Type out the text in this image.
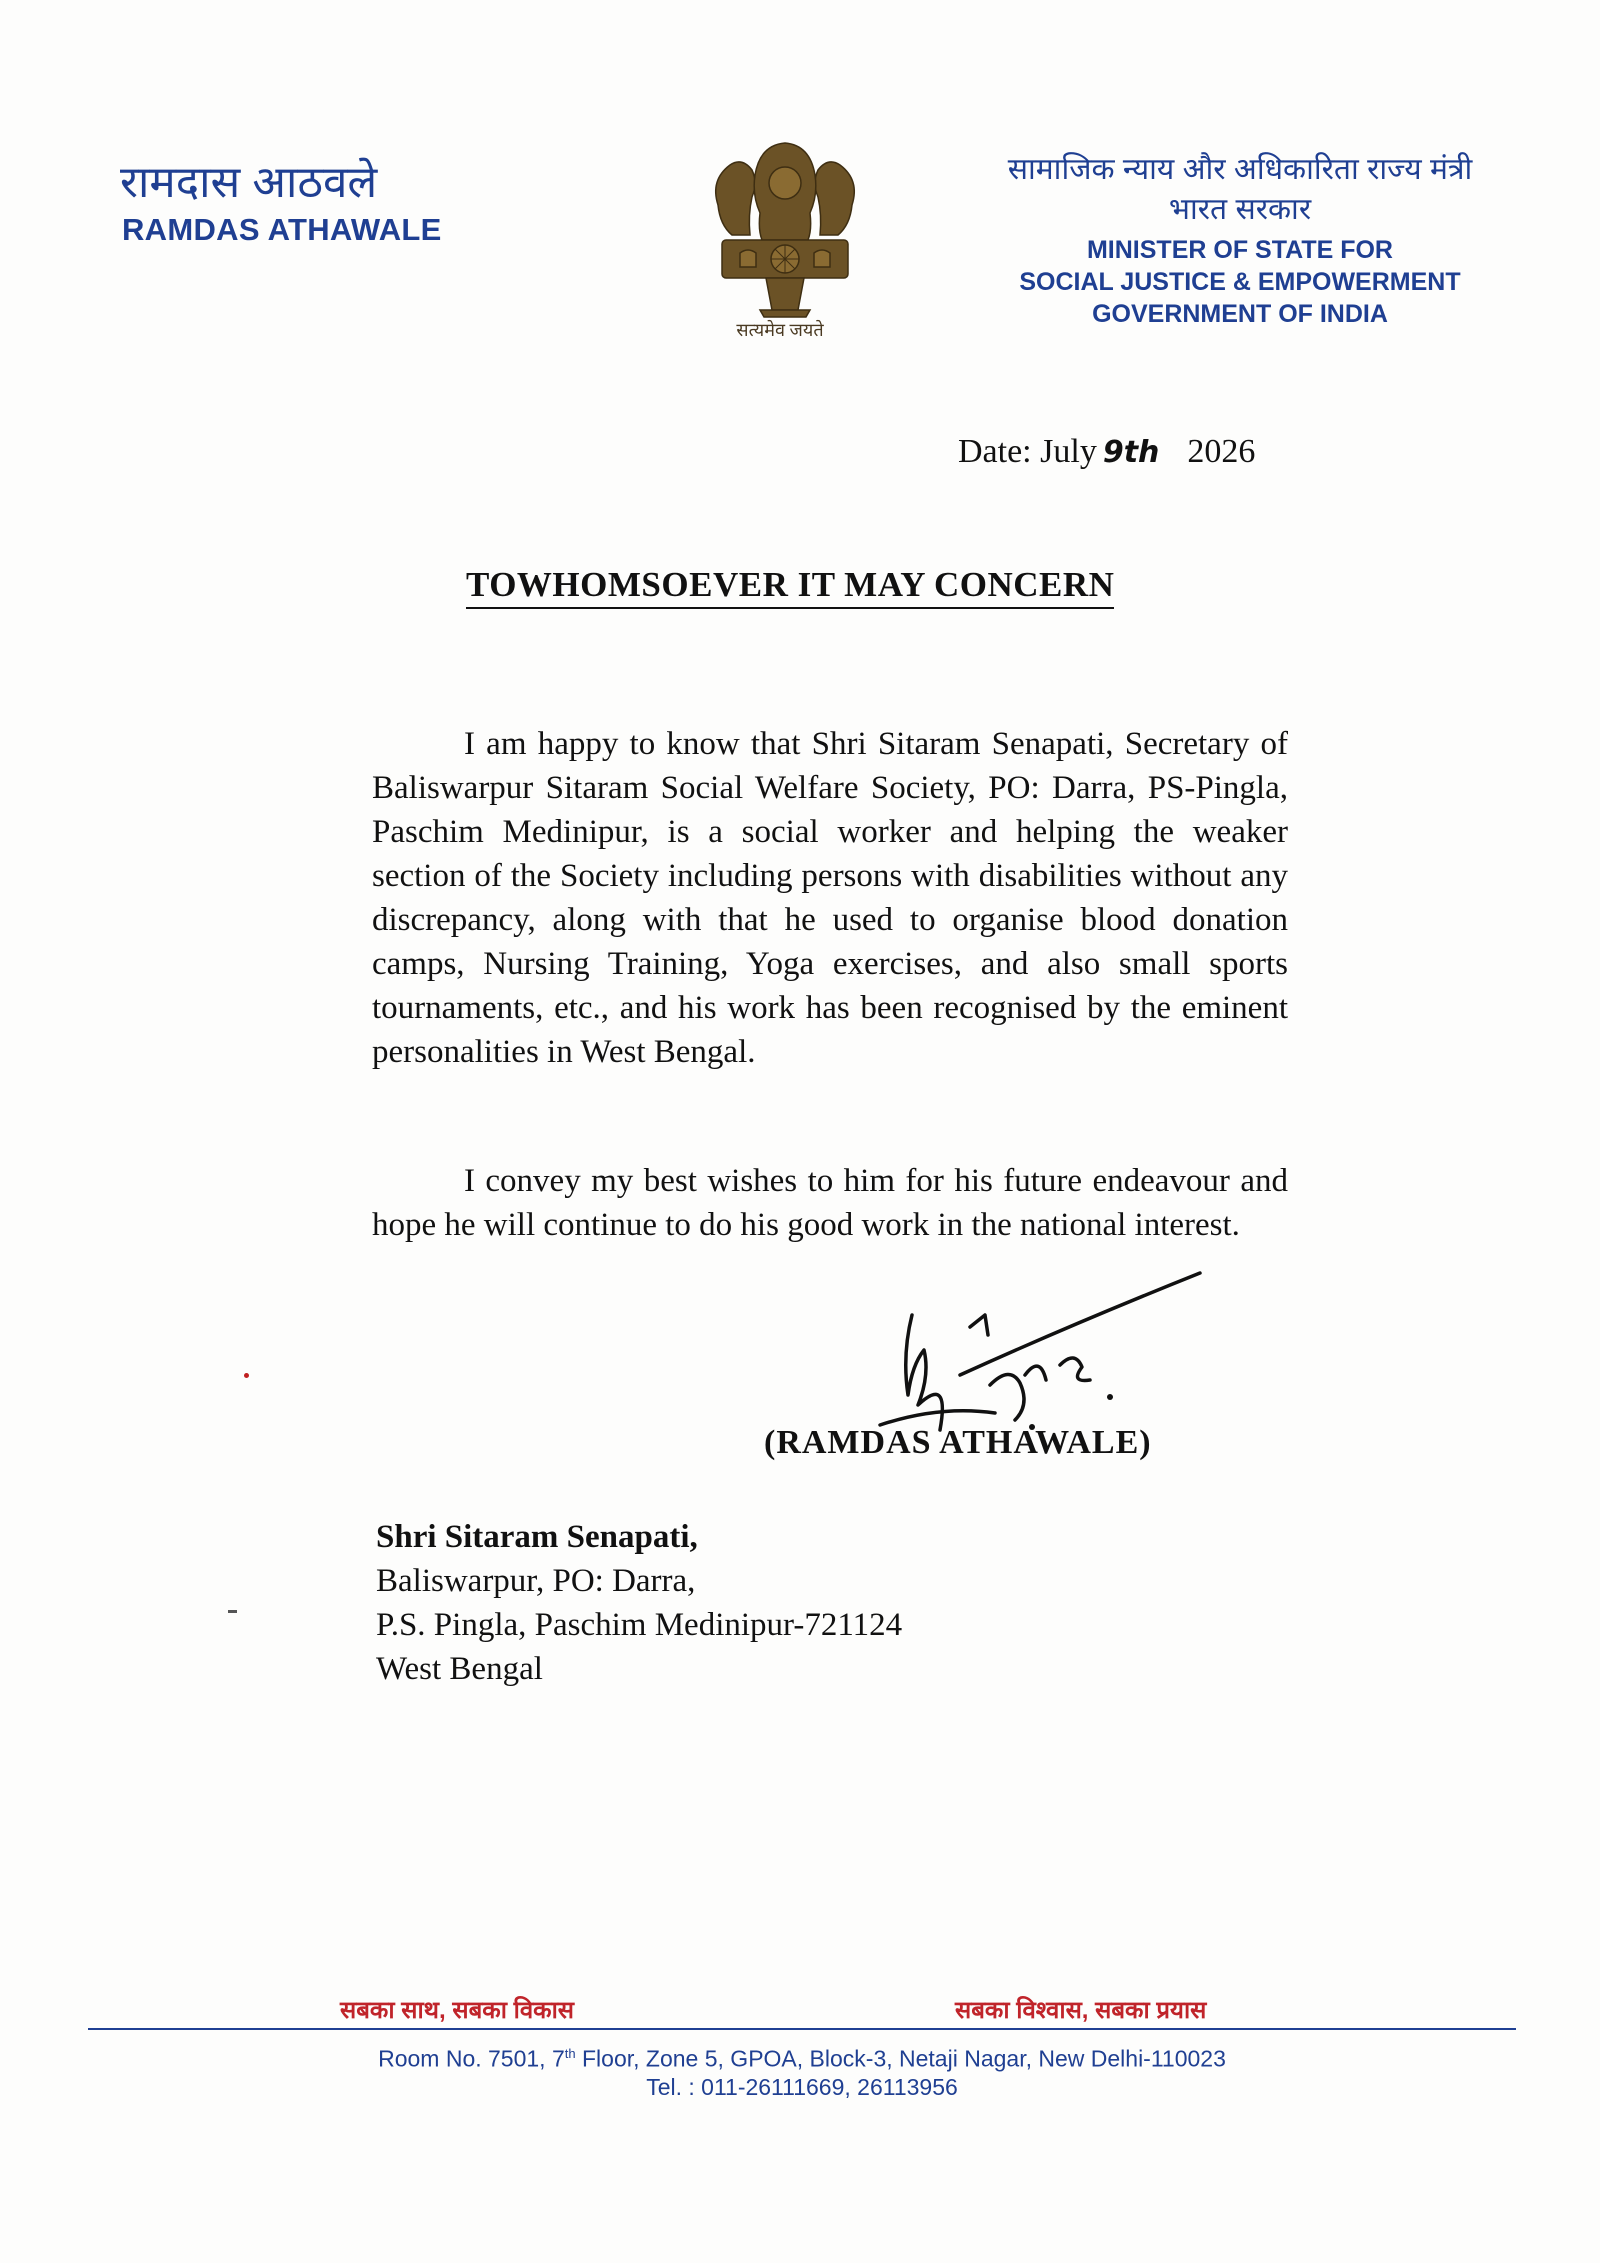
रामदास आठवले
RAMDAS ATHAWALE
सत्यमेव जयते
सामाजिक न्याय और अधिकारिता राज्य मंत्री
भारत सरकार
MINISTER OF STATE FOR
SOCIAL JUSTICE & EMPOWERMENT
GOVERNMENT OF INDIA
Date: July 9th 2026
TOWHOMSOEVER IT MAY CONCERN
I am happy to know that Shri Sitaram Senapati, Secretary of Baliswarpur Sitaram Social Welfare Society, PO: Darra, PS-Pingla, Paschim Medinipur, is a social worker and helping the weaker section of the Society including persons with disabilities without any discrepancy, along with that he used to organise blood donation camps, Nursing Training, Yoga exercises, and also small sports tournaments, etc., and his work has been recognised by the eminent personalities in West Bengal.
I convey my best wishes to him for his future endeavour and hope he will continue to do his good work in the national interest.
(RAMDAS ATHAWALE)
Shri Sitaram Senapati,
Baliswarpur, PO: Darra,
P.S. Pingla, Paschim Medinipur-721124
West Bengal
सबका साथ, सबका विकास	सबका विश्वास, सबका प्रयास
Room No. 7501, 7th Floor, Zone 5, GPOA, Block-3, Netaji Nagar, New Delhi-110023
Tel. : 011-26111669, 26113956
